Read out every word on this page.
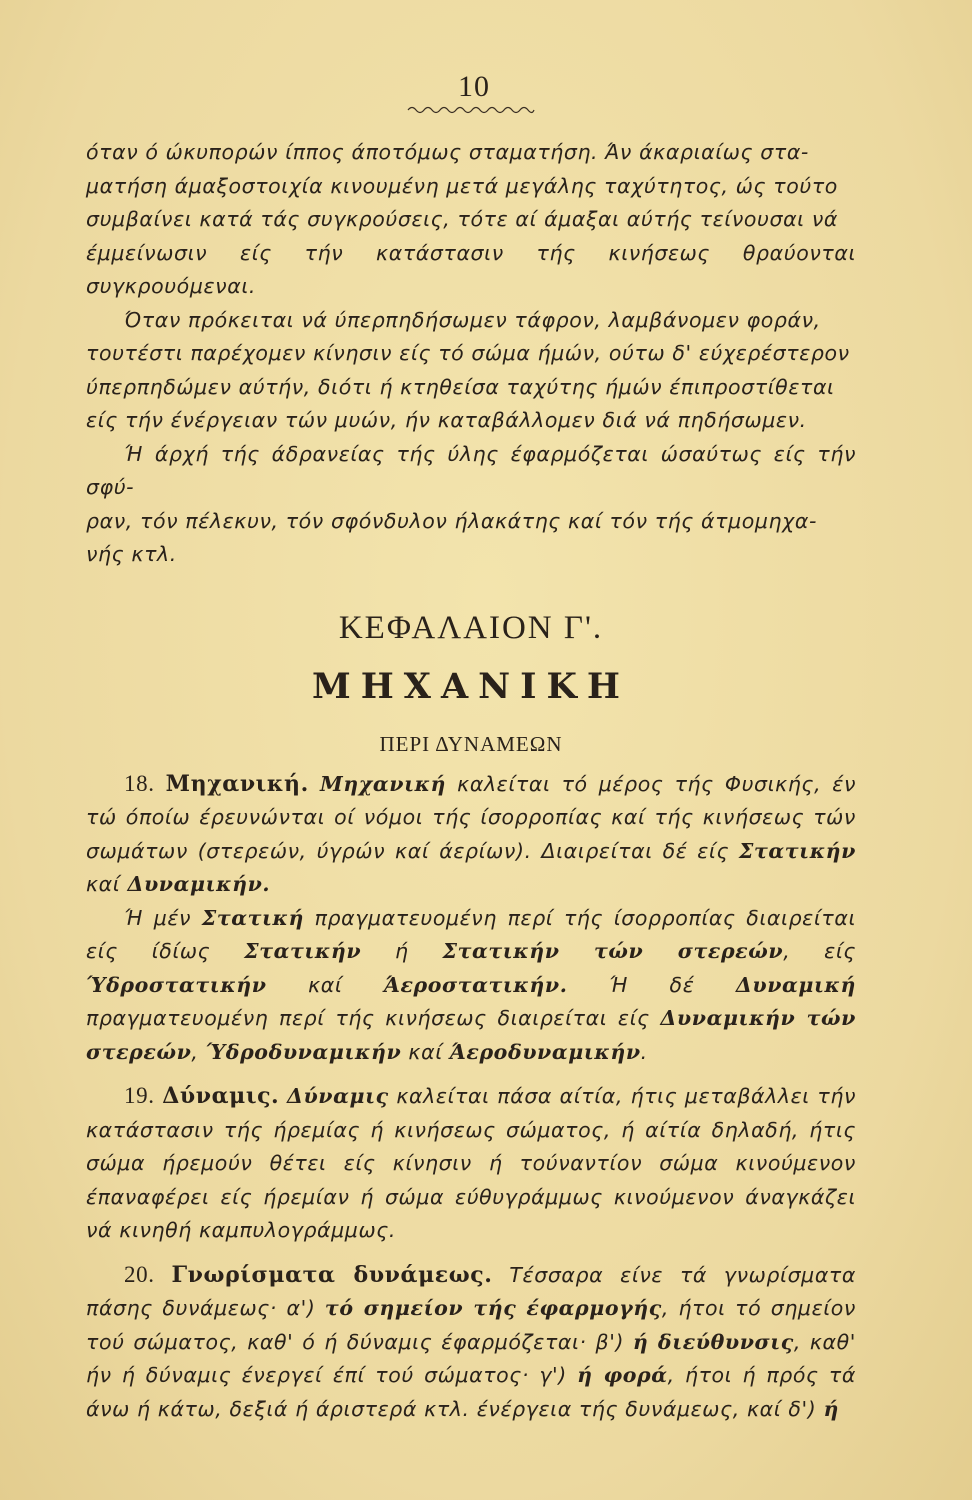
10
όταν ό ώκυπορών ίππος άποτόμως σταματήση. Άν άκαριαίως στα-
ματήση άμαξοστοιχία κινουμένη μετά μεγάλης ταχύτητος, ώς τούτο
συμβαίνει κατά τάς συγκρούσεις, τότε αί άμαξαι αύτής τείνουσαι νά
έμμείνωσιν είς τήν κατάστασιν τής κινήσεως θραύονται συγκρουόμεναι.
Όταν πρόκειται νά ύπερπηδήσωμεν τάφρον, λαμβάνομεν φοράν,
τουτέστι παρέχομεν κίνησιν είς τό σώμα ήμών, ούτω δ' εύχερέστερον
ύπερπηδώμεν αύτήν, διότι ή κτηθείσα ταχύτης ήμών έπιπροστίθεται
είς τήν ένέργειαν τών μυών, ήν καταβάλλομεν διά νά πηδήσωμεν.
Ή άρχή τής άδρανείας τής ύλης έφαρμόζεται ώσαύτως είς τήν σφύ-
ραν, τόν πέλεκυν, τόν σφόνδυλον ήλακάτης καί τόν τής άτμομηχα-
νής κτλ.
ΚΕΦΑΛΑΙΟΝ Γ'.
ΜΗΧΑΝΙΚΗ
ΠΕΡΙ ΔΥΝΑΜΕΩΝ

18. Μηχανική. Μηχανική καλείται τό μέρος τής Φυσικής, έν τώ όποίω έρευνώνται οί νόμοι τής ίσορροπίας καί τής κινήσεως τών σωμάτων (στερεών, ύγρών καί άερίων). Διαιρείται δέ είς Στατικήν καί Δυναμικήν.

Ή μέν Στατική πραγματευομένη περί τής ίσορροπίας διαιρείται είς ίδίως Στατικήν ή Στατικήν τών στερεών, είς Ύδροστατικήν καί Άεροστατικήν. Ή δέ Δυναμική πραγματευομένη περί τής κινήσεως διαιρείται είς Δυναμικήν τών στερεών, Ύδροδυναμικήν καί Άεροδυναμικήν.

19. Δύναμις. Δύναμις καλείται πάσα αίτία, ήτις μεταβάλλει τήν κατάστασιν τής ήρεμίας ή κινήσεως σώματος, ή αίτία δηλαδή, ήτις σώμα ήρεμούν θέτει είς κίνησιν ή τούναντίον σώμα κινούμενον έπαναφέρει είς ήρεμίαν ή σώμα εύθυγράμμως κινούμενον άναγκάζει νά κινηθή καμπυλογράμμως.

20. Γνωρίσματα δυνάμεως. Τέσσαρα είνε τά γνωρίσματα πάσης δυνάμεως· α') τό σημείον τής έφαρμογής, ήτοι τό σημείον τού σώματος, καθ' ό ή δύναμις έφαρμόζεται· β') ή διεύθυνσις, καθ' ήν ή δύναμις ένεργεί έπί τού σώματος· γ') ή φορά, ήτοι ή πρός τά άνω ή κάτω, δεξιά ή άριστερά κτλ. ένέργεια τής δυνάμεως, καί δ') ή
